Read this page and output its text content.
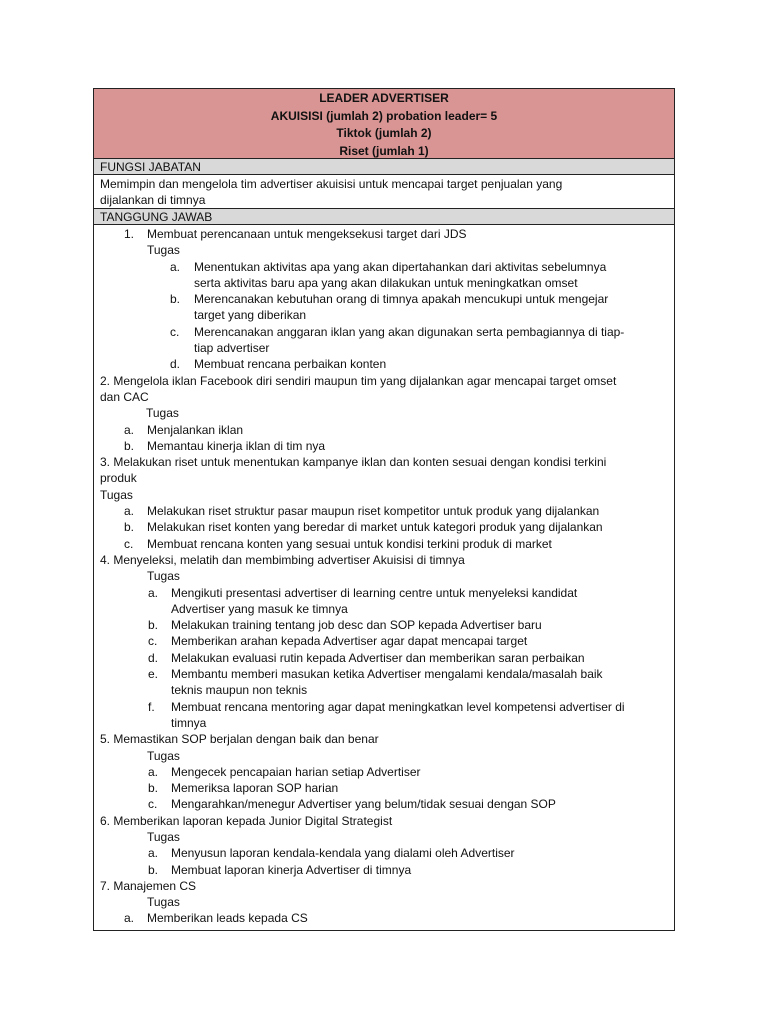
LEADER ADVERTISER
AKUISISI (jumlah 2) probation leader= 5
Tiktok (jumlah 2)
Riset (jumlah 1)
FUNGSI JABATAN
Memimpin dan mengelola tim advertiser akuisisi untuk mencapai target penjualan yang
dijalankan di timnya
TANGGUNG JAWAB
1. Membuat perencanaan untuk mengeksekusi target dari JDS
Tugas
a. Menentukan aktivitas apa yang akan dipertahankan dari aktivitas sebelumnya
serta aktivitas baru apa yang akan dilakukan untuk meningkatkan omset
b. Merencanakan kebutuhan orang di timnya apakah mencukupi untuk mengejar
target yang diberikan
c. Merencanakan anggaran iklan yang akan digunakan serta pembagiannya di tiap-
tiap advertiser
d. Membuat rencana perbaikan konten
2. Mengelola iklan Facebook diri sendiri maupun tim yang dijalankan agar mencapai target omset
dan CAC
Tugas
a. Menjalankan iklan
b. Memantau kinerja iklan di tim nya
3. Melakukan riset untuk menentukan kampanye iklan dan konten sesuai dengan kondisi terkini
produk
Tugas
a. Melakukan riset struktur pasar maupun riset kompetitor untuk produk yang dijalankan
b. Melakukan riset konten yang beredar di market untuk kategori produk yang dijalankan
c. Membuat rencana konten yang sesuai untuk kondisi terkini produk di market
4. Menyeleksi, melatih dan membimbing advertiser Akuisisi di timnya
Tugas
a. Mengikuti presentasi advertiser di learning centre untuk menyeleksi kandidat
Advertiser yang masuk ke timnya
b. Melakukan training tentang job desc dan SOP kepada Advertiser baru
c. Memberikan arahan kepada Advertiser agar dapat mencapai target
d. Melakukan evaluasi rutin kepada Advertiser dan memberikan saran perbaikan
e. Membantu memberi masukan ketika Advertiser mengalami kendala/masalah baik
teknis maupun non teknis
f. Membuat rencana mentoring agar dapat meningkatkan level kompetensi advertiser di
timnya
5. Memastikan SOP berjalan dengan baik dan benar
Tugas
a. Mengecek pencapaian harian setiap Advertiser
b. Memeriksa laporan SOP harian
c. Mengarahkan/menegur Advertiser yang belum/tidak sesuai dengan SOP
6. Memberikan laporan kepada Junior Digital Strategist
Tugas
a. Menyusun laporan kendala-kendala yang dialami oleh Advertiser
b. Membuat laporan kinerja Advertiser di timnya
7. Manajemen CS
Tugas
a. Memberikan leads kepada CS
